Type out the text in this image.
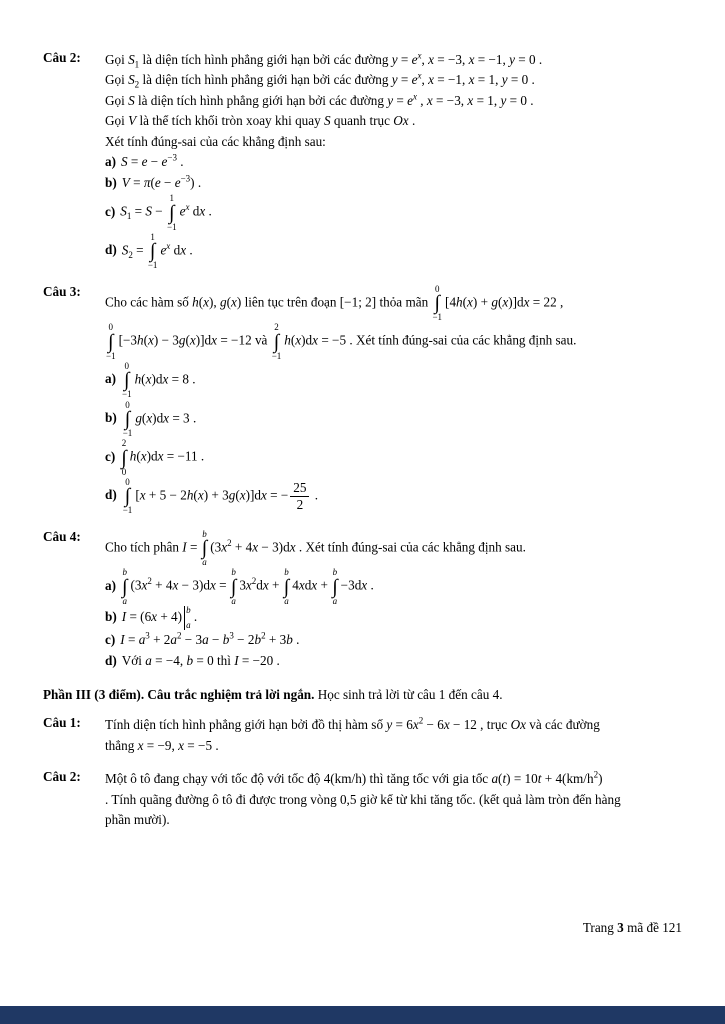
Câu 2:	Gọi $S_1$ là diện tích hình phẳng giới hạn bởi các đường $y = e^x$, x = −3, x = −1, y = 0 .
Gọi $S_2$ là diện tích hình phẳng giới hạn bởi các đường $y = e^x$, x = −1, x = 1, y = 0 .
Gọi S là diện tích hình phẳng giới hạn bởi các đường $y = e^x$ , x = −3, x = 1, y = 0 .
Gọi V là thể tích khối tròn xoay khi quay S quanh trục Ox .
Xét tính đúng-sai của các khẳng định sau:
a) $S = e - e^{-3}$ .
b) $V = \pi(e - e^{-3})$ .
c) $S_1 = S$ −
1
∫
−1
$e^x$ dx .
d) $S_2$ =
1
∫
−1
$e^x$ dx .
Câu 3:
Cho các hàm số h(x), g(x) liên tục trên đoạn [−1; 2] thỏa mãn
0
∫
−1
[4h(x) + g(x)]dx = 22 ,
0
∫
−1
[−3h(x) − 3g(x)]dx = −12 và
2
∫
−1
h(x)dx = −5 . Xét tính đúng-sai của các khẳng định sau.
a)
0
∫
−1
h(x)dx = 8 .
b)
0
∫
−1
g(x)dx = 3 .
c)
2
∫
0
h(x)dx = −11 .
d)
0
∫
−1
[x + 5 − 2h(x) + 3g(x)]dx = − $\frac{25}{2}$ .
Câu 4:
Cho tích phân I =
b
∫
a
$(3x^2 + 4x - 3)dx$ . Xét tính đúng-sai của các khẳng định sau.
a)
b
∫
a
$(3x^2 + 4x - 3)dx$ =
b
∫
a
$3x^2dx$ +
b
∫
a
4xdx +
b
∫
a
−3dx .
b) I = (6x + 4) b
a
.
c) $I = a^3 + 2a^2 - 3a - b^3 - 2b^2 + 3b$ .
d) Với a = −4, b = 0 thì I = −20 .
Phần III (3 điểm). Câu trắc nghiệm trả lời ngắn. Học sinh trả lời từ câu 1 đến câu 4.
Câu 1:	Tính diện tích hình phẳng giới hạn bởi đồ thị hàm số $y = 6x^2 - 6x - 12$ , trục Ox và các đường
thẳng x = −9, x = −5 .
Câu 2:	Một ô tô đang chạy với tốc độ với tốc độ 4(km/h) thì tăng tốc với gia tốc $a(t) = 10t + 4(km/h^2)$
. Tính quãng đường ô tô đi được trong vòng 0,5 giờ kể từ khi tăng tốc. (kết quả làm tròn đến hàng
phần mười).
Trang 3 mã đề 121
